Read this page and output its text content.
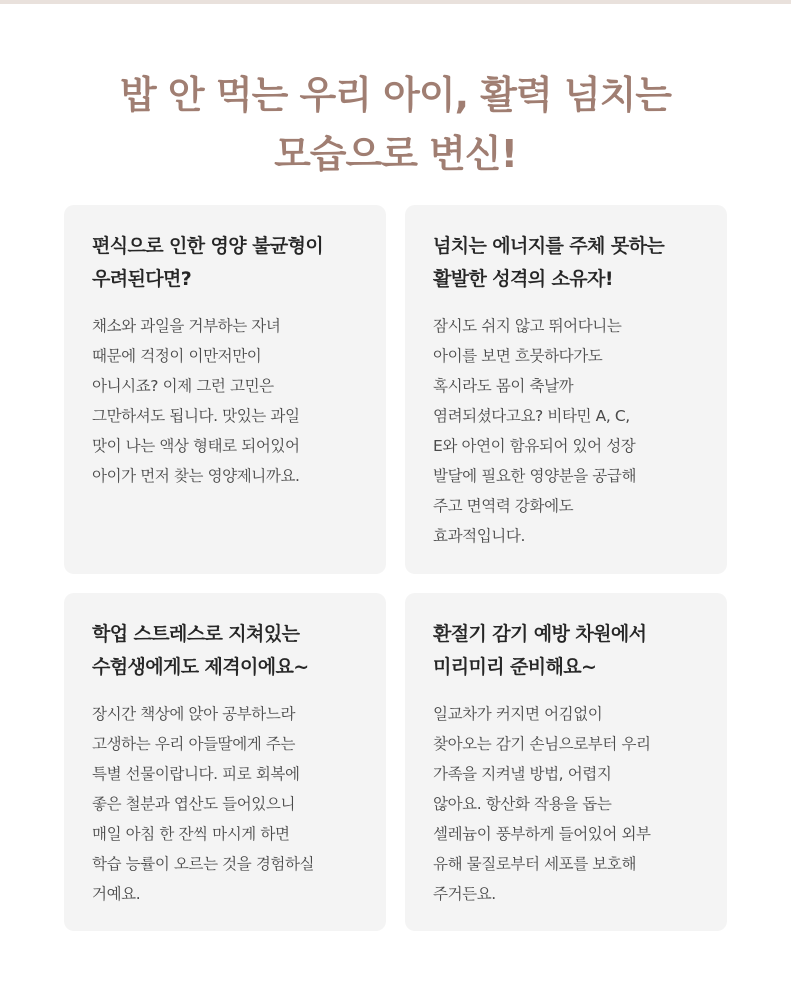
밥 안 먹는 우리 아이, 활력 넘치는
모습으로 변신!
편식으로 인한 영양 불균형이
우려된다면?
채소와 과일을 거부하는 자녀
때문에 걱정이 이만저만이
아니시죠? 이제 그런 고민은
그만하셔도 됩니다. 맛있는 과일
맛이 나는 액상 형태로 되어있어
아이가 먼저 찾는 영양제니까요.
넘치는 에너지를 주체 못하는
활발한 성격의 소유자!
잠시도 쉬지 않고 뛰어다니는
아이를 보면 흐뭇하다가도
혹시라도 몸이 축날까
염려되셨다고요? 비타민 A, C,
E와 아연이 함유되어 있어 성장
발달에 필요한 영양분을 공급해
주고 면역력 강화에도
효과적입니다.
학업 스트레스로 지쳐있는
수험생에게도 제격이에요~
장시간 책상에 앉아 공부하느라
고생하는 우리 아들딸에게 주는
특별 선물이랍니다. 피로 회복에
좋은 철분과 엽산도 들어있으니
매일 아침 한 잔씩 마시게 하면
학습 능률이 오르는 것을 경험하실
거예요.
환절기 감기 예방 차원에서
미리미리 준비해요~
일교차가 커지면 어김없이
찾아오는 감기 손님으로부터 우리
가족을 지켜낼 방법, 어렵지
않아요. 항산화 작용을 돕는
셀레늄이 풍부하게 들어있어 외부
유해 물질로부터 세포를 보호해
주거든요.
